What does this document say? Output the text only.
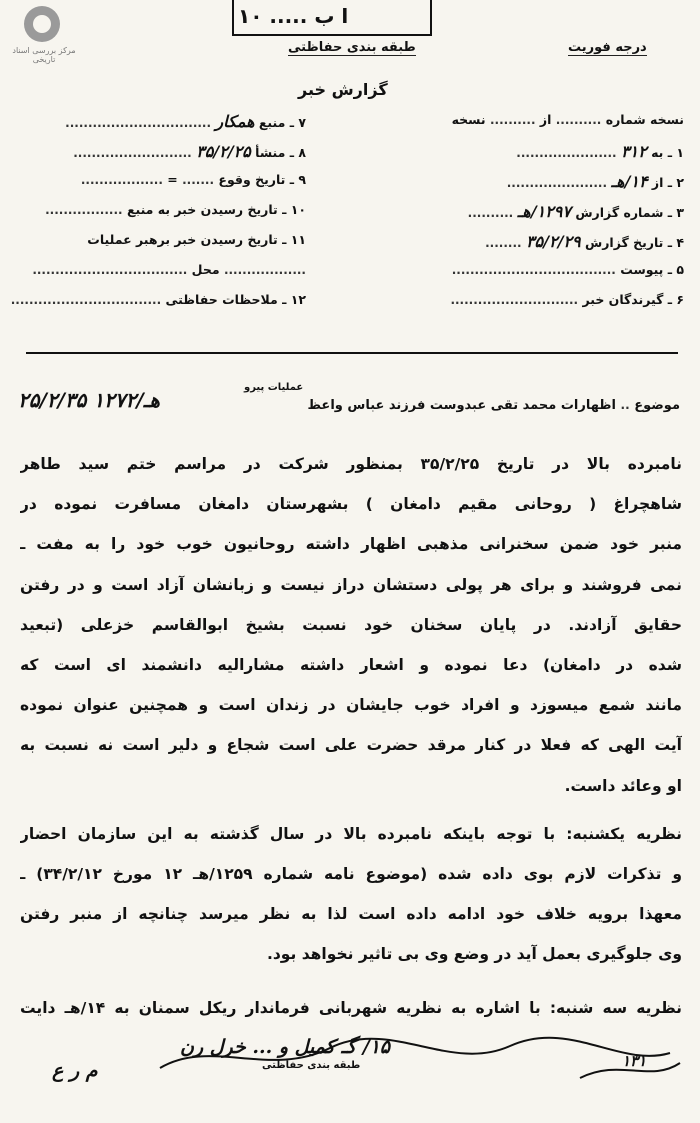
مرکز بررسی اسناد تاریخی
ا ب ..... ۱۰
طبقه بندی حفاظتی	درجه فوریت
گزارش خبر
نسخه شماره .......... از .......... نسخه
۱ ـ به ۳۱۲ ......................
۲ ـ از ۱۴/هـ ......................
۳ ـ شماره گزارش ۱۲۹۷/هـ ..........
۴ ـ تاریخ گزارش ۳۵/۲/۲۹ ........
۵ ـ پیوست ....................................
۶ ـ گیرندگان خبر ............................
۷ ـ منبع همکار ................................
۸ ـ منشأ ۳۵/۲/۲۵ ..........................
۹ ـ تاریخ وقوع ....... = ..................
۱۰ ـ تاریخ رسیدن خبر به منبع .................
۱۱ ـ تاریخ رسیدن خبر برهبر عملیات
.................. محل ..................................
۱۲ ـ ملاحظات حفاظتی .................................
موضوع .. اظهارات محمد تقی عبدوست فرزند عباس واعظ
عملیات پیرو
۲۵/۲/۳۵ ۱۲۷۲/هـ
نامبرده بالا در تاریخ ۳۵/۲/۲۵ بمنظور شرکت در مراسم ختم سید طاهر
شاهچراغ ( روحانی مقیم دامغان ) بشهرستان دامغان مسافرت نموده در
منبر خود ضمن سخنرانی مذهبی اظهار داشته روحانیون خوب خود را به مفت ـ
نمی فروشند و برای هر پولی دستشان دراز نیست و زبانشان آزاد است و در رفتن
حقایق آزادند. در پایان سخنان خود نسبت بشیخ ابوالقاسم خزعلی (تبعید
شده در دامغان) دعا نموده و اشعار داشته مشارالیه دانشمند ای است که
مانند شمع میسوزد و افراد خوب جایشان در زندان است و همچنین عنوان نموده
آیت الهی که فعلا در کنار مرقد حضرت علی است شجاع و دلیر است نه نسبت به
او وعائد داست.
نظریه یکشنبه: با توجه باینکه نامبرده بالا در سال گذشته به این سازمان احضار
و تذکرات لازم بوی داده شده (موضوع نامه شماره ۱۲۵۹/هـ ۱۲ مورخ ۳۴/۲/۱۲) ـ
معهذا برویه خلاف خود ادامه داده است لذا به نظر میرسد چنانچه از منبر رفتن
وی جلوگیری بعمل آید در وضع وی بی تاثیر نخواهد بود.
نظریه سه شنبه: با اشاره به نظریه شهربانی فرماندار ریکل سمنان به ۱۴/هـ دایت
۱۵/ گـ کمیل و ... خرل رن
طبقه بندی حفاظتی	۱۳۱
م ر ع
